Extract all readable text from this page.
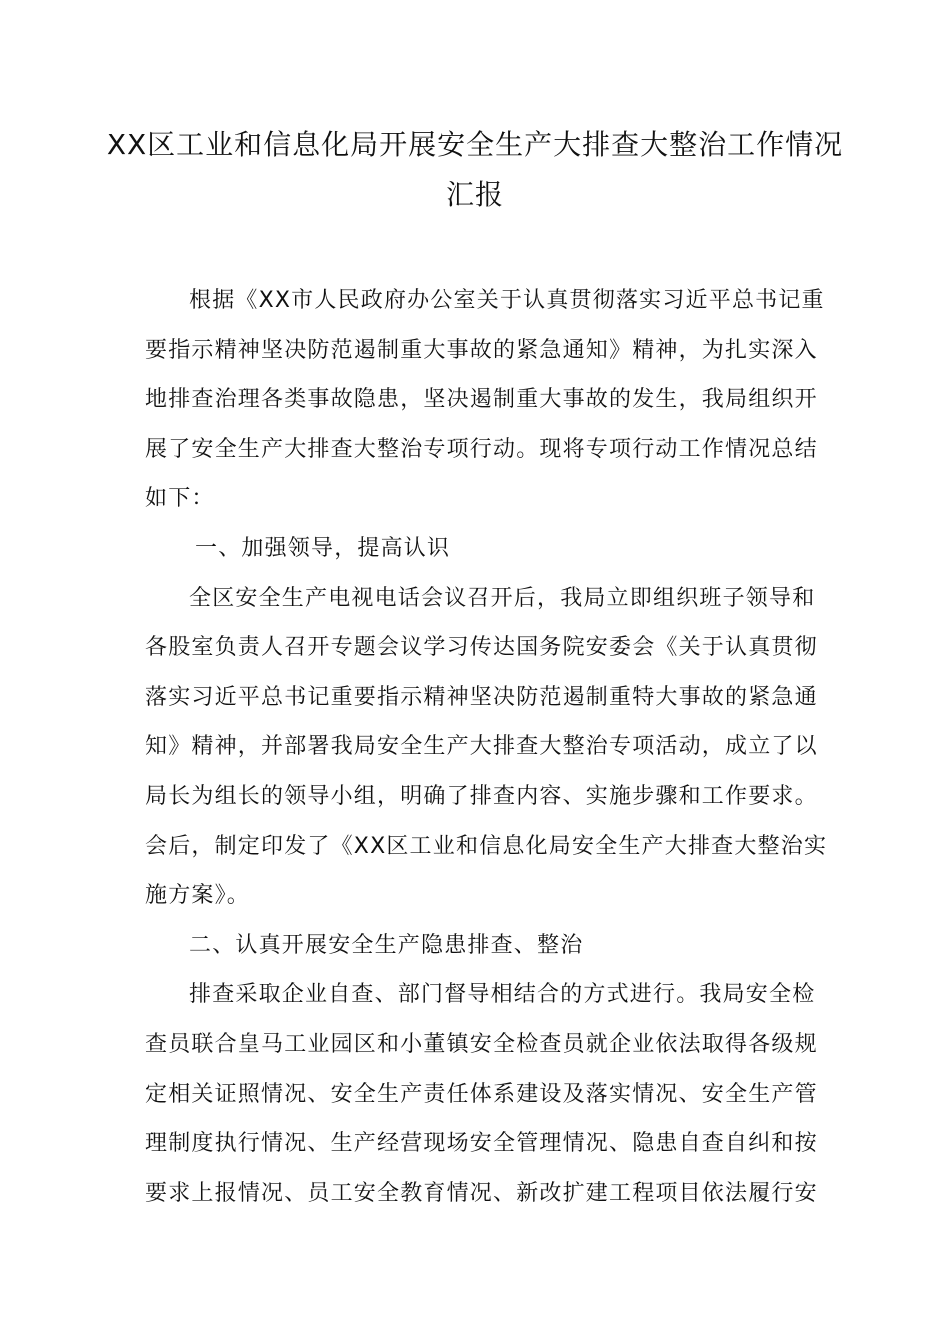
XX区工业和信息化局开展安全生产大排查大整治工作情况
汇报
根据《XX市人民政府办公室关于认真贯彻落实习近平总书记重
要指示精神坚决防范遏制重大事故的紧急通知》精神，为扎实深入
地排查治理各类事故隐患，坚决遏制重大事故的发生，我局组织开
展了安全生产大排查大整治专项行动。现将专项行动工作情况总结
如下：
一、加强领导，提高认识
全区安全生产电视电话会议召开后，我局立即组织班子领导和
各股室负责人召开专题会议学习传达国务院安委会《关于认真贯彻
落实习近平总书记重要指示精神坚决防范遏制重特大事故的紧急通
知》精神，并部署我局安全生产大排查大整治专项活动，成立了以
局长为组长的领导小组，明确了排查内容、实施步骤和工作要求。
会后，制定印发了《XX区工业和信息化局安全生产大排查大整治实
施方案》。
二、认真开展安全生产隐患排查、整治
排查采取企业自查、部门督导相结合的方式进行。我局安全检
查员联合皇马工业园区和小董镇安全检查员就企业依法取得各级规
定相关证照情况、安全生产责任体系建设及落实情况、安全生产管
理制度执行情况、生产经营现场安全管理情况、隐患自查自纠和按
要求上报情况、员工安全教育情况、新改扩建工程项目依法履行安
